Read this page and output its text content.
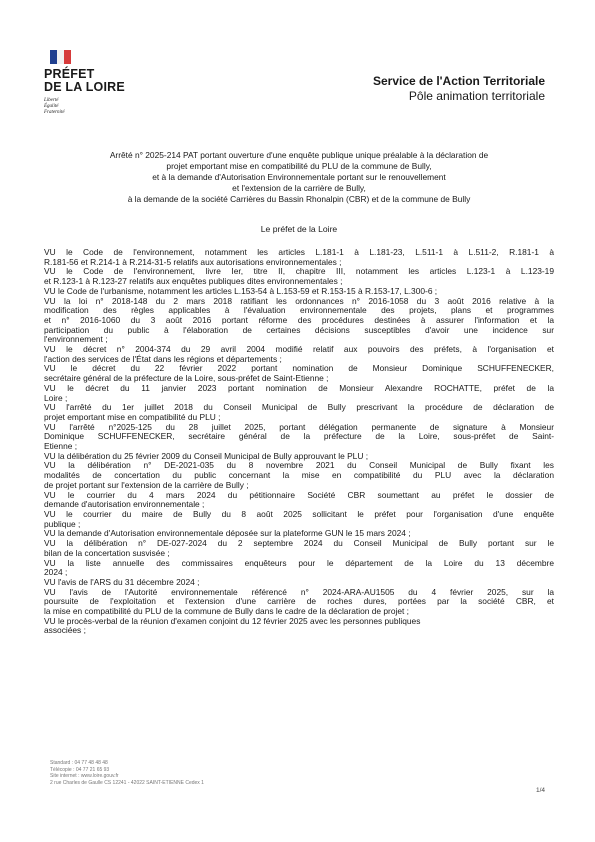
PRÉFET
DE LA LOIRE
Liberté
Égalité
Fraternité
Service de l'Action Territoriale
Pôle animation territoriale
Arrêté n° 2025-214 PAT portant ouverture d'une enquête publique unique préalable à la déclaration de
projet emportant mise en compatibilité du PLU de la commune de Bully,
et à la demande d'Autorisation Environnementale portant sur le renouvellement
et l'extension de la carrière de Bully,
à la demande de la société Carrières du Bassin Rhonalpin (CBR) et de la commune de Bully
Le préfet de la Loire
VU le Code de l'environnement, notamment les articles L.181-1 à L.181-23, L.511-1 à L.511-2, R.181-1 à
R.181-56 et R.214-1 à R.214-31-5 relatifs aux autorisations environnementales ;
VU le Code de l'environnement, livre Ier, titre II, chapitre III, notamment les articles L.123-1 à L.123-19
et R.123-1 à R.123-27 relatifs aux enquêtes publiques dites environnementales ;
VU le Code de l'urbanisme, notamment les articles L.153-54 à L.153-59 et R.153-15 à R.153-17, L.300-6 ;
VU la loi n° 2018-148 du 2 mars 2018 ratifiant les ordonnances n° 2016-1058 du 3 août 2016 relative à la
modification des règles applicables à l'évaluation environnementale des projets, plans et programmes
et n° 2016-1060 du 3 août 2016 portant réforme des procédures destinées à assurer l'information et la
participation du public à l'élaboration de certaines décisions susceptibles d'avoir une incidence sur
l'environnement ;
VU le décret n° 2004-374 du 29 avril 2004 modifié relatif aux pouvoirs des préfets, à l'organisation et
l'action des services de l'État dans les régions et départements ;
VU le décret du 22 février 2022 portant nomination de Monsieur Dominique SCHUFFENECKER,
secrétaire général de la préfecture de la Loire, sous-préfet de Saint-Etienne ;
VU le décret du 11 janvier 2023 portant nomination de Monsieur Alexandre ROCHATTE, préfet de la
Loire ;
VU l'arrêté du 1er juillet 2018 du Conseil Municipal de Bully prescrivant la procédure de déclaration de
projet emportant mise en compatibilité du PLU ;
VU l'arrêté n°2025-125 du 28 juillet 2025, portant délégation permanente de signature à Monsieur
Dominique SCHUFFENECKER, secrétaire général de la préfecture de la Loire, sous-préfet de Saint-
Etienne ;
VU la délibération du 25 février 2009 du Conseil Municipal de Bully approuvant le PLU ;
VU la délibération n° DE-2021-035 du 8 novembre 2021 du Conseil Municipal de Bully fixant les
modalités de concertation du public concernant la mise en compatibilité du PLU avec la déclaration
de projet portant sur l'extension de la carrière de Bully ;
VU le courrier du 4 mars 2024 du pétitionnaire Société CBR soumettant au préfet le dossier de
demande d'autorisation environnementale ;
VU le courrier du maire de Bully du 8 août 2025 sollicitant le préfet pour l'organisation d'une enquête
publique ;
VU la demande d'Autorisation environnementale déposée sur la plateforme GUN le 15 mars 2024 ;
VU la délibération n° DE-027-2024 du 2 septembre 2024 du Conseil Municipal de Bully portant sur le
bilan de la concertation susvisée ;
VU la liste annuelle des commissaires enquêteurs pour le département de la Loire du 13 décembre
2024 ;
VU l'avis de l'ARS du 31 décembre 2024 ;
VU l'avis de l'Autorité environnementale référencé n° 2024-ARA-AU1505 du 4 février 2025, sur la
poursuite de l'exploitation et l'extension d'une carrière de roches dures, portées par la société CBR, et
la mise en compatibilité du PLU de la commune de Bully dans le cadre de la déclaration de projet ;
VU le procès-verbal de la réunion d'examen conjoint du 12 février 2025 avec les personnes publiques
associées ;
Standard : 04 77 48 48 48
Télécopie : 04 77 21 65 93
Site internet : www.loire.gouv.fr
2 rue Charles de Gaulle CS 12241 - 42022 SAINT-ETIENNE Cedex 1
1/4
